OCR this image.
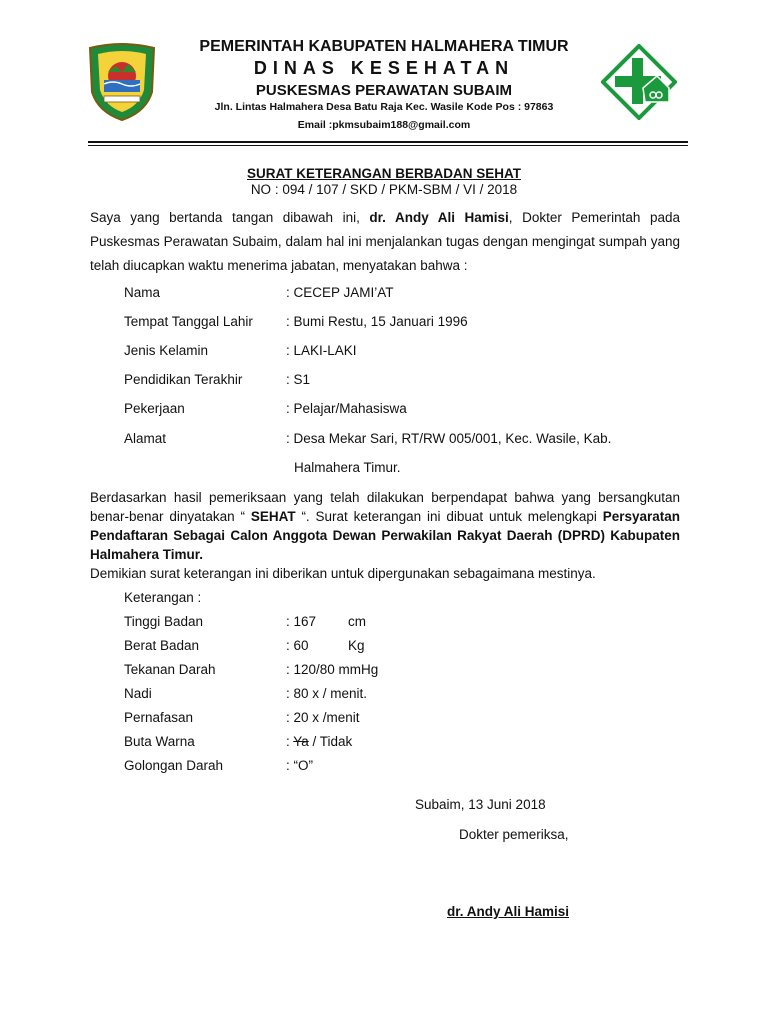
PEMERINTAH KABUPATEN HALMAHERA TIMUR
DINAS KESEHATAN
PUSKESMAS PERAWATAN SUBAIM
Jln. Lintas Halmahera Desa Batu Raja Kec. Wasile Kode Pos : 97863
Email :pkmsubaim188@gmail.com
SURAT KETERANGAN BERBADAN SEHAT
NO : 094 / 107 / SKD / PKM-SBM / VI / 2018
Saya yang bertanda tangan dibawah ini, dr. Andy Ali Hamisi, Dokter Pemerintah pada Puskesmas Perawatan Subaim, dalam hal ini menjalankan tugas dengan mengingat sumpah yang telah diucapkan waktu menerima jabatan, menyatakan bahwa :
Nama	: CECEP JAMI’AT
Tempat Tanggal Lahir : Bumi Restu, 15 Januari 1996
Jenis Kelamin	: LAKI-LAKI
Pendidikan Terakhir	: S1
Pekerjaan	: Pelajar/Mahasiswa
Alamat	: Desa Mekar Sari, RT/RW 005/001, Kec. Wasile, Kab.
Halmahera Timur.
Berdasarkan hasil pemeriksaan yang telah dilakukan berpendapat bahwa yang bersangkutan benar-benar dinyatakan “ SEHAT “. Surat keterangan ini dibuat untuk melengkapi Persyaratan Pendaftaran Sebagai Calon Anggota Dewan Perwakilan Rakyat Daerah (DPRD) Kabupaten Halmahera Timur.
Demikian surat keterangan ini diberikan untuk dipergunakan sebagaimana mestinya.
Keterangan :
Tinggi Badan	: 167 cm
Berat Badan	: 60	Kg
Tekanan Darah	: 120/80 mmHg
Nadi	: 80 x / menit.
Pernafasan	: 20 x /menit
Buta Warna	: Ya / Tidak
Golongan Darah	: “O”
Subaim, 13 Juni 2018
Dokter pemeriksa,
dr. Andy Ali Hamisi
